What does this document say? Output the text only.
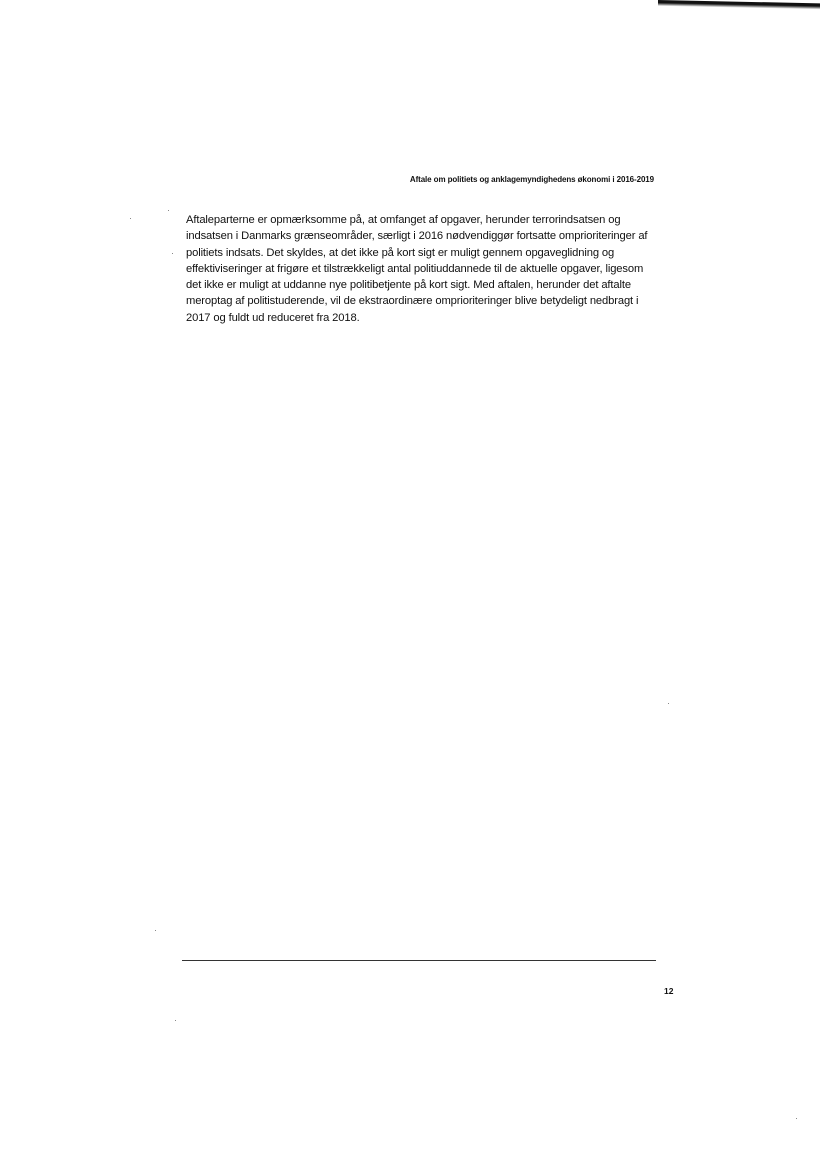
Aftale om politiets og anklagemyndighedens økonomi i 2016-2019

Aftaleparterne er opmærksomme på, at omfanget af opgaver, herunder terrorindsatsen og indsatsen i Danmarks grænseområder, særligt i 2016 nødvendiggør fortsatte omprioriteringer af politiets indsats. Det skyldes, at det ikke på kort sigt er muligt gennem opgaveglidning og effektiviseringer at frigøre et tilstrækkeligt antal politiuddannede til de aktuelle opgaver, ligesom det ikke er muligt at uddanne nye politibetjente på kort sigt. Med aftalen, herunder det aftalte meroptag af politistuderende, vil de ekstraordinære omprioriteringer blive betydeligt nedbragt i 2017 og fuldt ud reduceret fra 2018.

12
